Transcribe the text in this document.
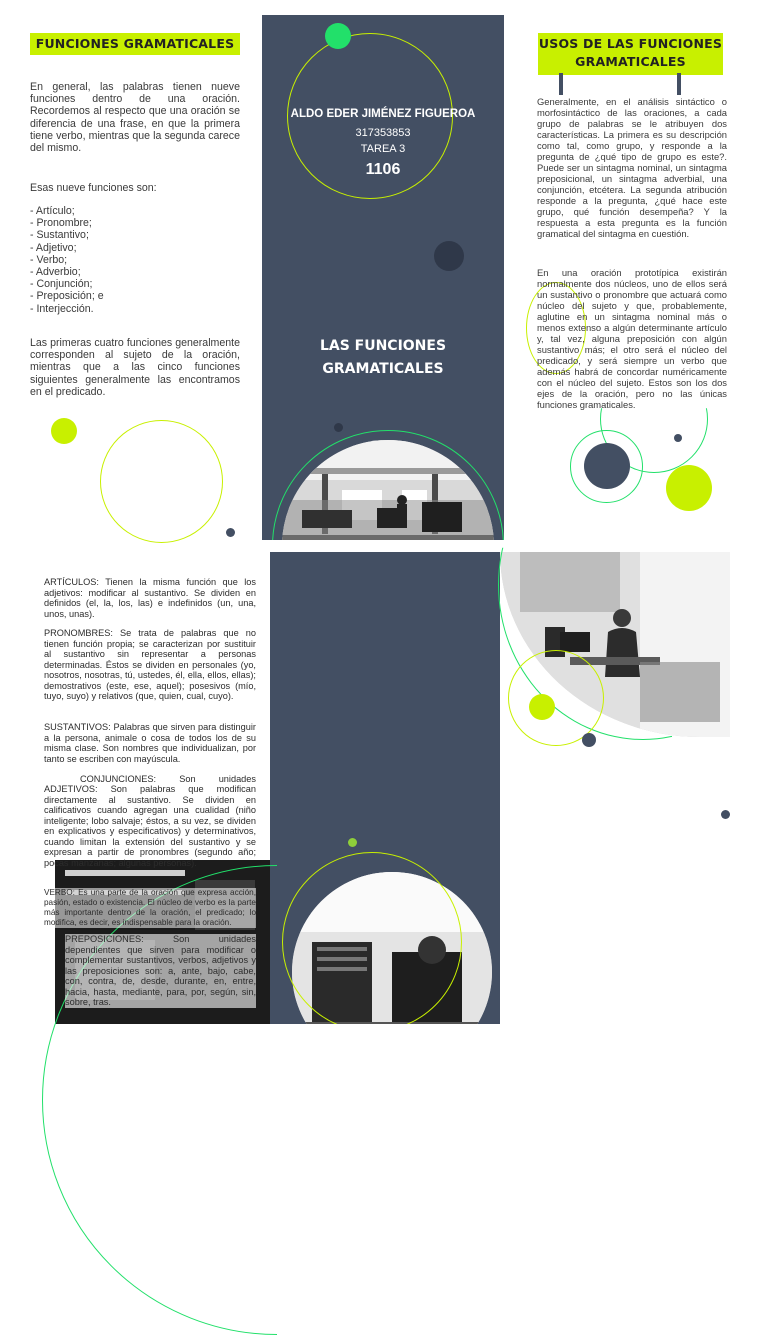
FUNCIONES GRAMATICALES
En general, las palabras tienen nueve funciones dentro de una oración. Recordemos al respecto que una oración se diferencia de una frase, en que la primera tiene verbo, mientras que la segunda carece del mismo.
Esas nueve funciones son:
- Artículo;
- Pronombre;
- Sustantivo;
- Adjetivo;
- Verbo;
- Adverbio;
- Conjunción;
- Preposición; e
- Interjección.
Las primeras cuatro funciones generalmente corresponden al sujeto de la oración, mientras que a las cinco funciones siguientes generalmente las encontramos en el predicado.
ALDO EDER JIMÉNEZ FIGUEROA
317353853
TAREA 3
1106
LAS FUNCIONES
GRAMATICALES
USOS DE LAS FUNCIONES
GRAMATICALES
Generalmente, en el análisis sintáctico o morfosintáctico de las oraciones, a cada grupo de palabras se le atribuyen dos características. La primera es su descripción como tal, como grupo, y responde a la pregunta de ¿qué tipo de grupo es este?. Puede ser un sintagma nominal, un sintagma preposicional, un sintagma adverbial, una conjunción, etcétera. La segunda atribución responde a la pregunta, ¿qué hace este grupo, qué función desempeña? Y la respuesta a esta pregunta es la función gramatical del sintagma en cuestión.
En una oración prototípica existirán normalmente dos núcleos, uno de ellos será un sustantivo o pronombre que actuará como núcleo del sujeto y que, probablemente, aglutine en un sintagma nominal más o menos extenso a algún determinante artículo y, tal vez, alguna preposición con algún sustantivo más; el otro será el núcleo del predicado, y será siempre un verbo que además habrá de concordar numéricamente con el núcleo del sujeto. Estos son los dos ejes de la oración, pero no las únicas funciones gramaticales.
ARTÍCULOS: Tienen la misma función que los adjetivos: modificar al sustantivo. Se dividen en definidos (el, la, los, las) e indefinidos (un, una, unos, unas).
PRONOMBRES: Se trata de palabras que no tienen función propia; se caracterizan por sustituir al sustantivo sin representar a personas determinadas. Éstos se dividen en personales (yo, nosotros, nosotras, tú, ustedes, él, ella, ellos, ellas); demostrativos (este, ese, aquel); posesivos (mío, tuyo, suyo) y relativos (que, quien, cual, cuyo).
SUSTANTIVOS: Palabras que sirven para distinguir a la persona, animale o cosa de todos los de su misma clase. Son nombres que individualizan, por tanto se escriben con mayúscula.
CONJUNCIONES: Son unidades
ADJETIVOS: Son palabras que modifican directamente al sustantivo. Se dividen en calificativos cuando agregan una cualidad (niño inteligente; lobo salvaje; éstos, a su vez, se dividen en explicativos y especificativos) y determinativos, cuando limitan la extensión del sustantivo y se expresan a partir de pronombres (segundo año; pocas manzanas; algunas personas).
VERBO: Es una parte de la oración que expresa acción, pasión, estado o existencia. El núcleo de verbo es la parte más importante dentro de la oración, el predicado; lo modifica, es decir, es indispensable para la oración.
PREPOSICIONES: Son unidades dependientes que sirven para modificar o complementar sustantivos, verbos, adjetivos y las preposiciones son: a, ante, bajo, cabe, con, contra, de, desde, durante, en, entre, hacia, hasta, mediante, para, por, según, sin, sobre, tras.
